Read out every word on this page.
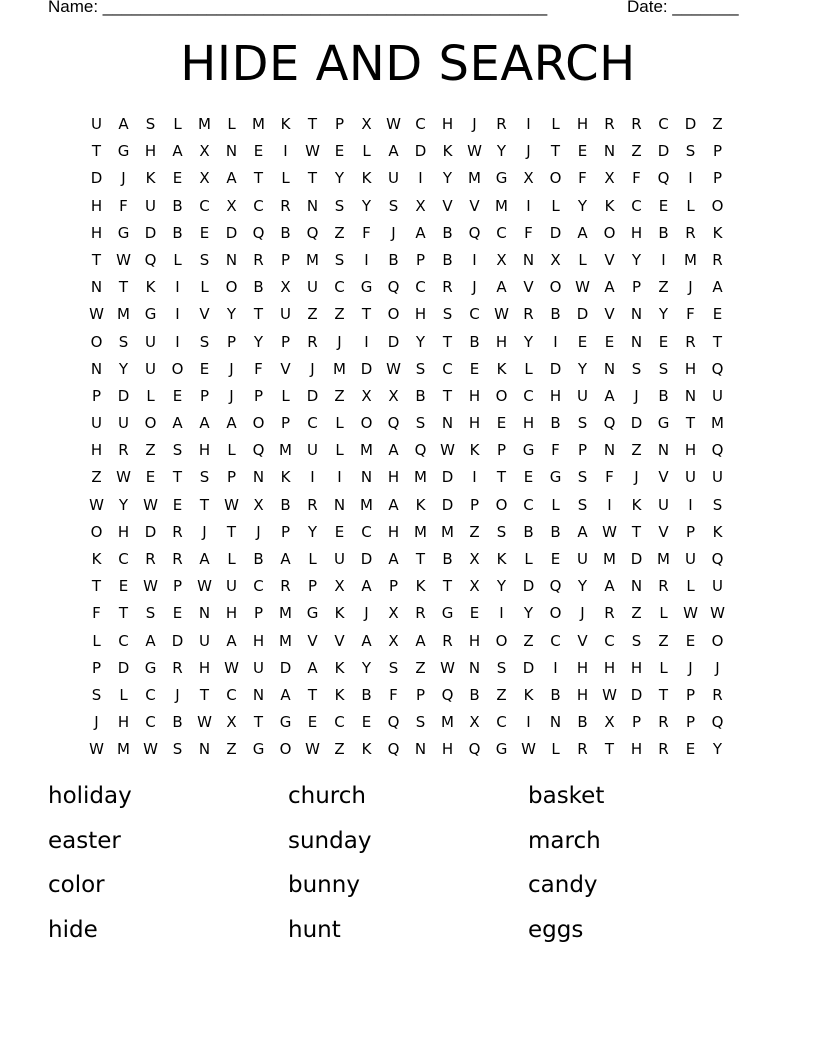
Name: _______________________________________________	Date: _______
HIDE AND SEARCH
U	A	S	L	M	L	M	K	T	P	X W C	H	J	R	I	L	H	R	R	C	D	Z
T	G	H	A	X	N	E	I	W E	L	A	D	K W Y	J	T	E	N	Z	D	S	P
D	J	K	E	X	A	T	L	T	Y	K	U	I	Y	M G	X	O	F	X	F	Q	I	P
H	F	U	B	C	X	C	R	N	S	Y	S	X	V	V	M	I	L	Y	K	C	E	L	O
H	G	D	B	E	D	Q	B	Q	Z	F	J	A	B	Q	C	F	D	A	O	H	B	R	K
T	W Q	L	S	N	R	P	M	S	I	B	P	B	I	X	N	X	L	V	Y	I	M	R
N	T	K	I	L	O	B	X	U	C	G	Q	C	R	J	A	V	O W A	P	Z	J	A
W M G	I	V	Y	T	U	Z	Z	T	O	H	S	C W R	B	D	V	N	Y	F	E
O	S	U	I	S	P	Y	P	R	J	I	D	Y	T	B	H	Y	I	E	E	N	E	R	T
N	Y	U	O	E	J	F	V	J	M D W S	C	E	K	L	D	Y	N	S	S	H	Q
P	D	L	E	P	J	P	L	D	Z	X	X	B	T	H	O	C	H	U	A	J	B	N	U
U	U	O	A	A	A	O	P	C	L	O	Q	S	N	H	E	H	B	S	Q	D	G	T	M
H	R	Z	S	H	L	Q M	U	L	M	A	Q W K	P	G	F	P	N	Z	N	H	Q
Z W E	T	S	P	N	K	I	I	N	H M D	I	T	E	G	S	F	J	V	U	U
W Y	W E	T	W X	B	R	N M	A	K	D	P	O	C	L	S	I	K	U	I	S
O	H	D	R	J	T	J	P	Y	E	C	H M M	Z	S	B	B	A W T	V	P	K
K	C	R	R	A	L	B	A	L	U	D	A	T	B	X	K	L	E	U	M D M	U	Q
T	E W	P	W U	C	R	P	X	A	P	K	T	X	Y	D	Q	Y	A	N	R	L	U
F	T	S	E	N	H	P	M G	K	J	X	R	G	E	I	Y	O	J	R	Z	L	W W
L	C	A	D	U	A	H M	V	V	A	X	A	R	H	O	Z	C	V	C	S	Z	E	O
P	D	G	R	H W U	D	A	K	Y	S	Z W N	S	D	I	H	H	H	L	J	J
S	L	C	J	T	C	N	A	T	K	B	F	P	Q	B	Z	K	B	H W D	T	P	R
J	H	C	B W X	T	G	E	C	E	Q	S	M	X	C	I	N	B	X	P	R	P	Q
W M W S	N	Z	G	O W Z	K	Q	N	H	Q	G W	L	R	T	H	R	E	Y
holiday	church	basket
easter	sunday	march
color	bunny	candy
hide	hunt	eggs
